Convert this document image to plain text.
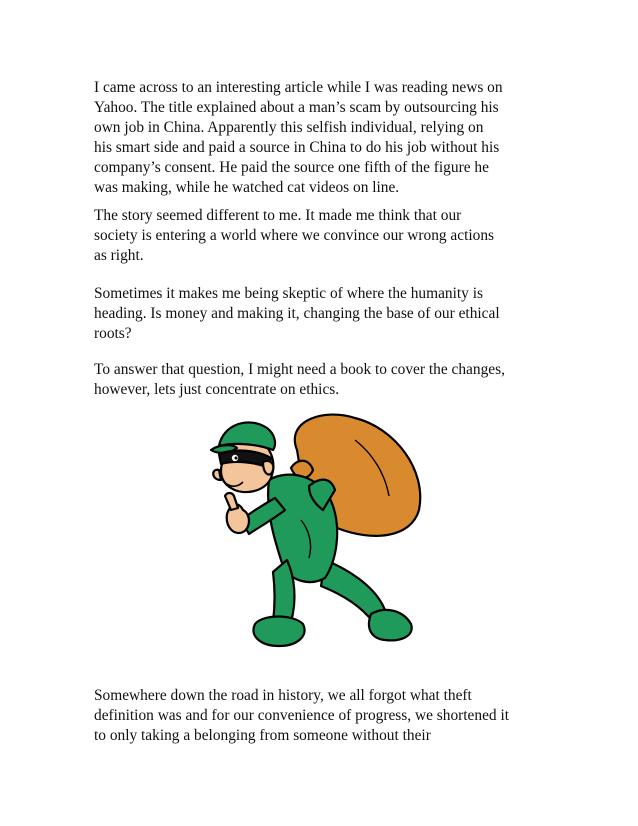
I came across to an interesting article while I was reading news on
Yahoo. The title explained about a man’s scam by outsourcing his
own job in China. Apparently this selfish individual, relying on
his smart side and paid a source in China to do his job without his
company’s consent. He paid the source one fifth of the figure he
was making, while he watched cat videos on line.

The story seemed different to me. It made me think that our
society is entering a world where we convince our wrong actions
as right.

Sometimes it makes me being skeptic of where the humanity is
heading. Is money and making it, changing the base of our ethical
roots?

To answer that question, I might need a book to cover the changes,
however, lets just concentrate on ethics.

Somewhere down the road in history, we all forgot what theft
definition was and for our convenience of progress, we shortened it
to only taking a belonging from someone without their
